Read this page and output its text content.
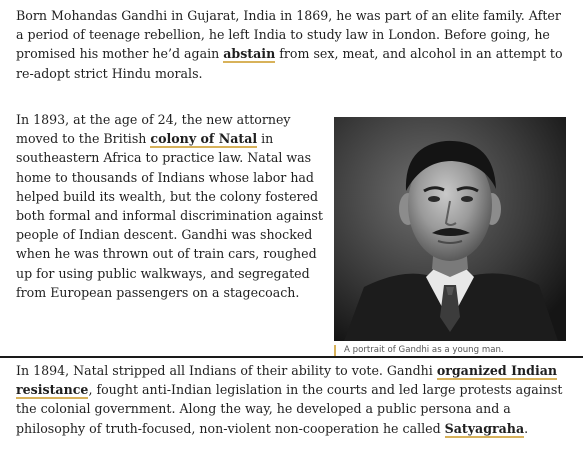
Born Mohandas Gandhi in Gujarat, India in 1869, he was part of an elite family. After a period of teenage rebellion, he left India to study law in London. Before going, he promised his mother he’d again abstain from sex, meat, and alcohol in an attempt to re-adopt strict Hindu morals.

In 1893, at the age of 24, the new attorney moved to the British colony of Natal in southeastern Africa to practice law. Natal was home to thousands of Indians whose labor had helped build its wealth, but the colony fostered both formal and informal discrimination against people of Indian descent. Gandhi was shocked when he was thrown out of train cars, roughed up for using public walkways, and segregated from European passengers on a stagecoach.

A portrait of Gandhi as a young man.

In 1894, Natal stripped all Indians of their ability to vote. Gandhi organized Indian resistance, fought anti-Indian legislation in the courts and led large protests against the colonial government. Along the way, he developed a public persona and a philosophy of truth-focused, non-violent non-cooperation he called Satyagraha.
